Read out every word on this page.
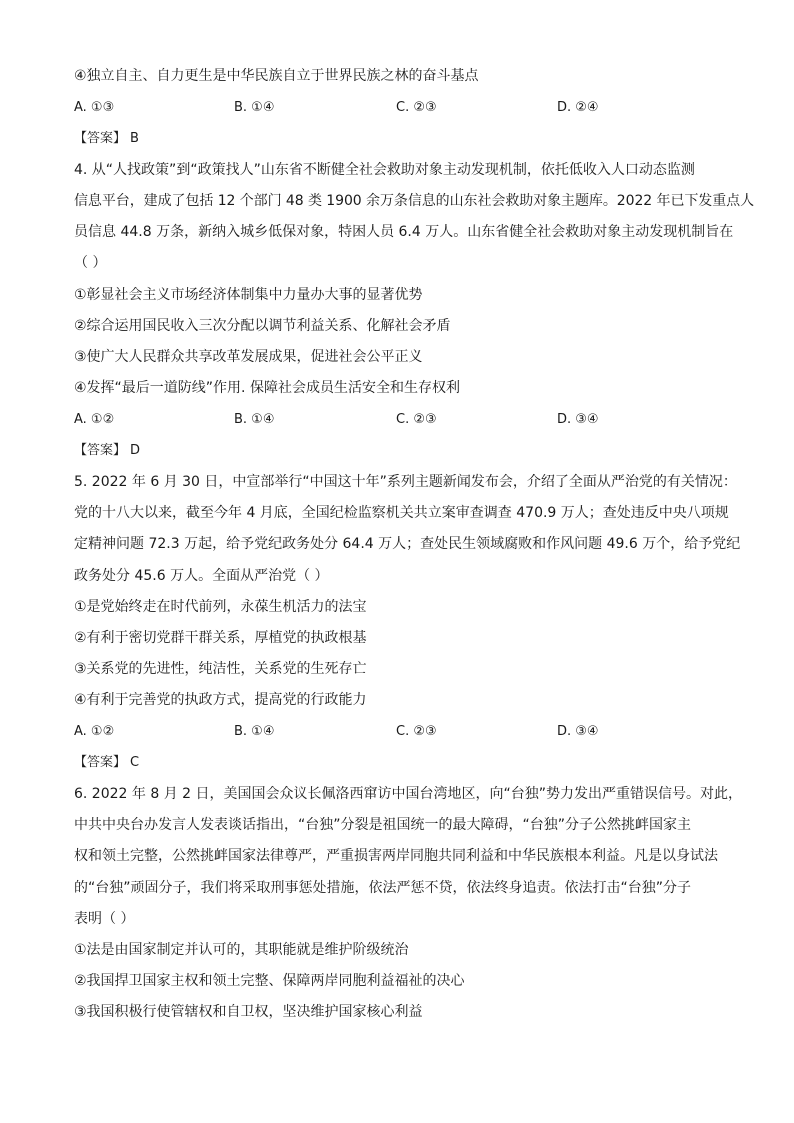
④独立自主、自力更生是中华民族自立于世界民族之林的奋斗基点
A. ①③	B. ①④	C. ②③	D. ②④
【答案】 B
4. 从“人找政策”到“政策找人”山东省不断健全社会救助对象主动发现机制，依托低收入人口动态监测
信息平台，建成了包括 12 个部门 48 类 1900 余万条信息的山东社会救助对象主题库。2022 年已下发重点人
员信息 44.8 万条，新纳入城乡低保对象，特困人员 6.4 万人。山东省健全社会救助对象主动发现机制旨在
（ ）
①彰显社会主义市场经济体制集中力量办大事的显著优势
②综合运用国民收入三次分配以调节利益关系、化解社会矛盾
③使广大人民群众共享改革发展成果，促进社会公平正义
④发挥“最后一道防线”作用. 保障社会成员生活安全和生存权利
A. ①②	B. ①④	C. ②③	D. ③④
【答案】 D
5. 2022 年 6 月 30 日，中宣部举行“中国这十年”系列主题新闻发布会，介绍了全面从严治党的有关情况：
党的十八大以来，截至今年 4 月底，全国纪检监察机关共立案审查调查 470.9 万人；查处违反中央八项规
定精神问题 72.3 万起，给予党纪政务处分 64.4 万人；查处民生领域腐败和作风问题 49.6 万个，给予党纪
政务处分 45.6 万人。全面从严治党（ ）
①是党始终走在时代前列，永葆生机活力的法宝
②有利于密切党群干群关系，厚植党的执政根基
③关系党的先进性，纯洁性，关系党的生死存亡
④有利于完善党的执政方式，提高党的行政能力
A. ①②	B. ①④	C. ②③	D. ③④
【答案】 C
6. 2022 年 8 月 2 日，美国国会众议长佩洛西窜访中国台湾地区，向“台独”势力发出严重错误信号。对此，
中共中央台办发言人发表谈话指出，“台独”分裂是祖国统一的最大障碍，“台独”分子公然挑衅国家主
权和领土完整，公然挑衅国家法律尊严，严重损害两岸同胞共同利益和中华民族根本利益。凡是以身试法
的“台独”顽固分子，我们将采取刑事惩处措施，依法严惩不贷，依法终身追责。依法打击“台独”分子
表明（ ）
①法是由国家制定并认可的，其职能就是维护阶级统治
②我国捍卫国家主权和领土完整、保障两岸同胞利益福祉的决心
③我国积极行使管辖权和自卫权，坚决维护国家核心利益
